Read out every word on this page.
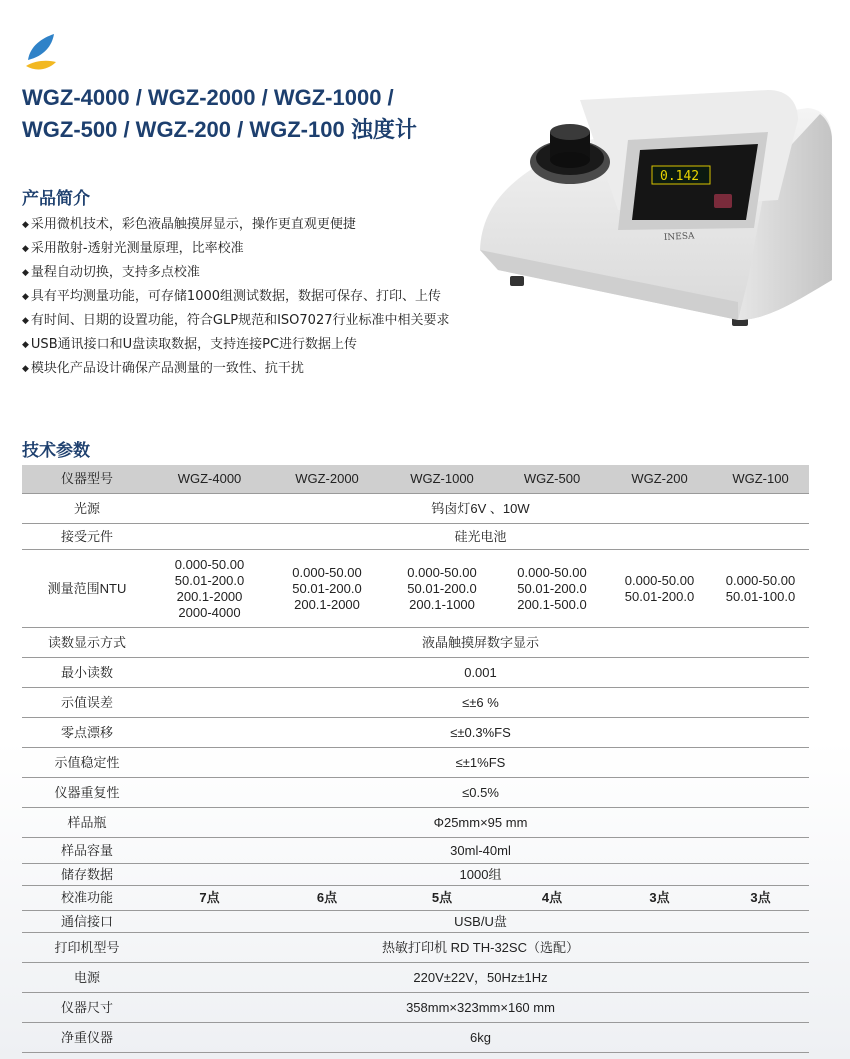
WGZ-4000 / WGZ-2000 / WGZ-1000 /
WGZ-500 / WGZ-200 / WGZ-100 浊度计
产品简介
◆ 采用微机技术，彩色液晶触摸屏显示，操作更直观更便捷
◆ 采用散射-透射光测量原理，比率校准
◆ 量程自动切换，支持多点校准
◆ 具有平均测量功能，可存储1000组测试数据，数据可保存、打印、上传
◆ 有时间、日期的设置功能，符合GLP规范和ISO7027行业标准中相关要求
◆ USB通讯接口和U盘读取数据，支持连接PC进行数据上传
◆ 模块化产品设计确保产品测量的一致性、抗干扰
0.142
INESA
技术参数
仪器型号	WGZ-4000	WGZ-2000	WGZ-1000	WGZ-500	WGZ-200	WGZ-100
光源	钨卤灯6V 、10W					
接受元件	硅光电池					
测量范围NTU	0.000-50.00
50.01-200.0
200.1-2000
2000-4000	0.000-50.00
50.01-200.0
200.1-2000	0.000-50.00
50.01-200.0
200.1-1000	0.000-50.00
50.01-200.0
200.1-500.0	0.000-50.00
50.01-200.0	0.000-50.00
50.01-100.0

读数显示方式	液晶触摸屏数字显示					
最小读数	0.001					
示值误差	≤±6 %					
零点漂移	≤±0.3%FS					
示值稳定性	≤±1%FS					
仪器重复性	≤0.5%					
样品瓶	Φ25mm×95 mm					
样品容量	30ml-40ml					
储存数据	1000组					
校准功能	7点	6点	5点	4点	3点	3点
通信接口	USB/U盘					
打印机型号	热敏打印机 RD TH-32SC（选配）					
电源	220V±22V，50Hz±1Hz					
仪器尺寸	358mm×323mm×160 mm					
净重仪器	6kg					
